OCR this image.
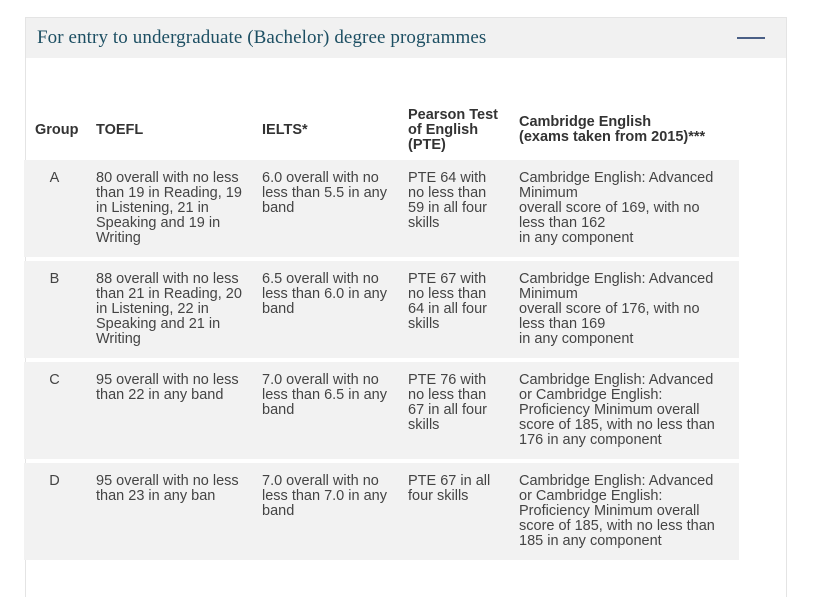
For entry to undergraduate (Bachelor) degree programmes
Group	TOEFL	IELTS*	Pearson Test
of English
(PTE)	Cambridge English
(exams taken from 2015)***

A	80 overall with no less
than 19 in Reading, 19
in Listening, 21 in
Speaking and 19 in
Writing	6.0 overall with no
less than 5.5 in any
band	PTE 64 with
no less than
59 in all four
skills	Cambridge English: Advanced
Minimum
overall score of 169, with no
less than 162
in any component

B	88 overall with no less
than 21 in Reading, 20
in Listening, 22 in
Speaking and 21 in
Writing	6.5 overall with no
less than 6.0 in any
band	PTE 67 with
no less than
64 in all four
skills	Cambridge English: Advanced
Minimum
overall score of 176, with no
less than 169
in any component

C	95 overall with no less
than 22 in any band	7.0 overall with no
less than 6.5 in any
band	PTE 76 with
no less than
67 in all four
skills	Cambridge English: Advanced
or Cambridge English:
Proficiency Minimum overall
score of 185, with no less than
176 in any component

D	95 overall with no less
than 23 in any ban	7.0 overall with no
less than 7.0 in any
band	PTE 67 in all
four skills	Cambridge English: Advanced
or Cambridge English:
Proficiency Minimum overall
score of 185, with no less than
185 in any component
